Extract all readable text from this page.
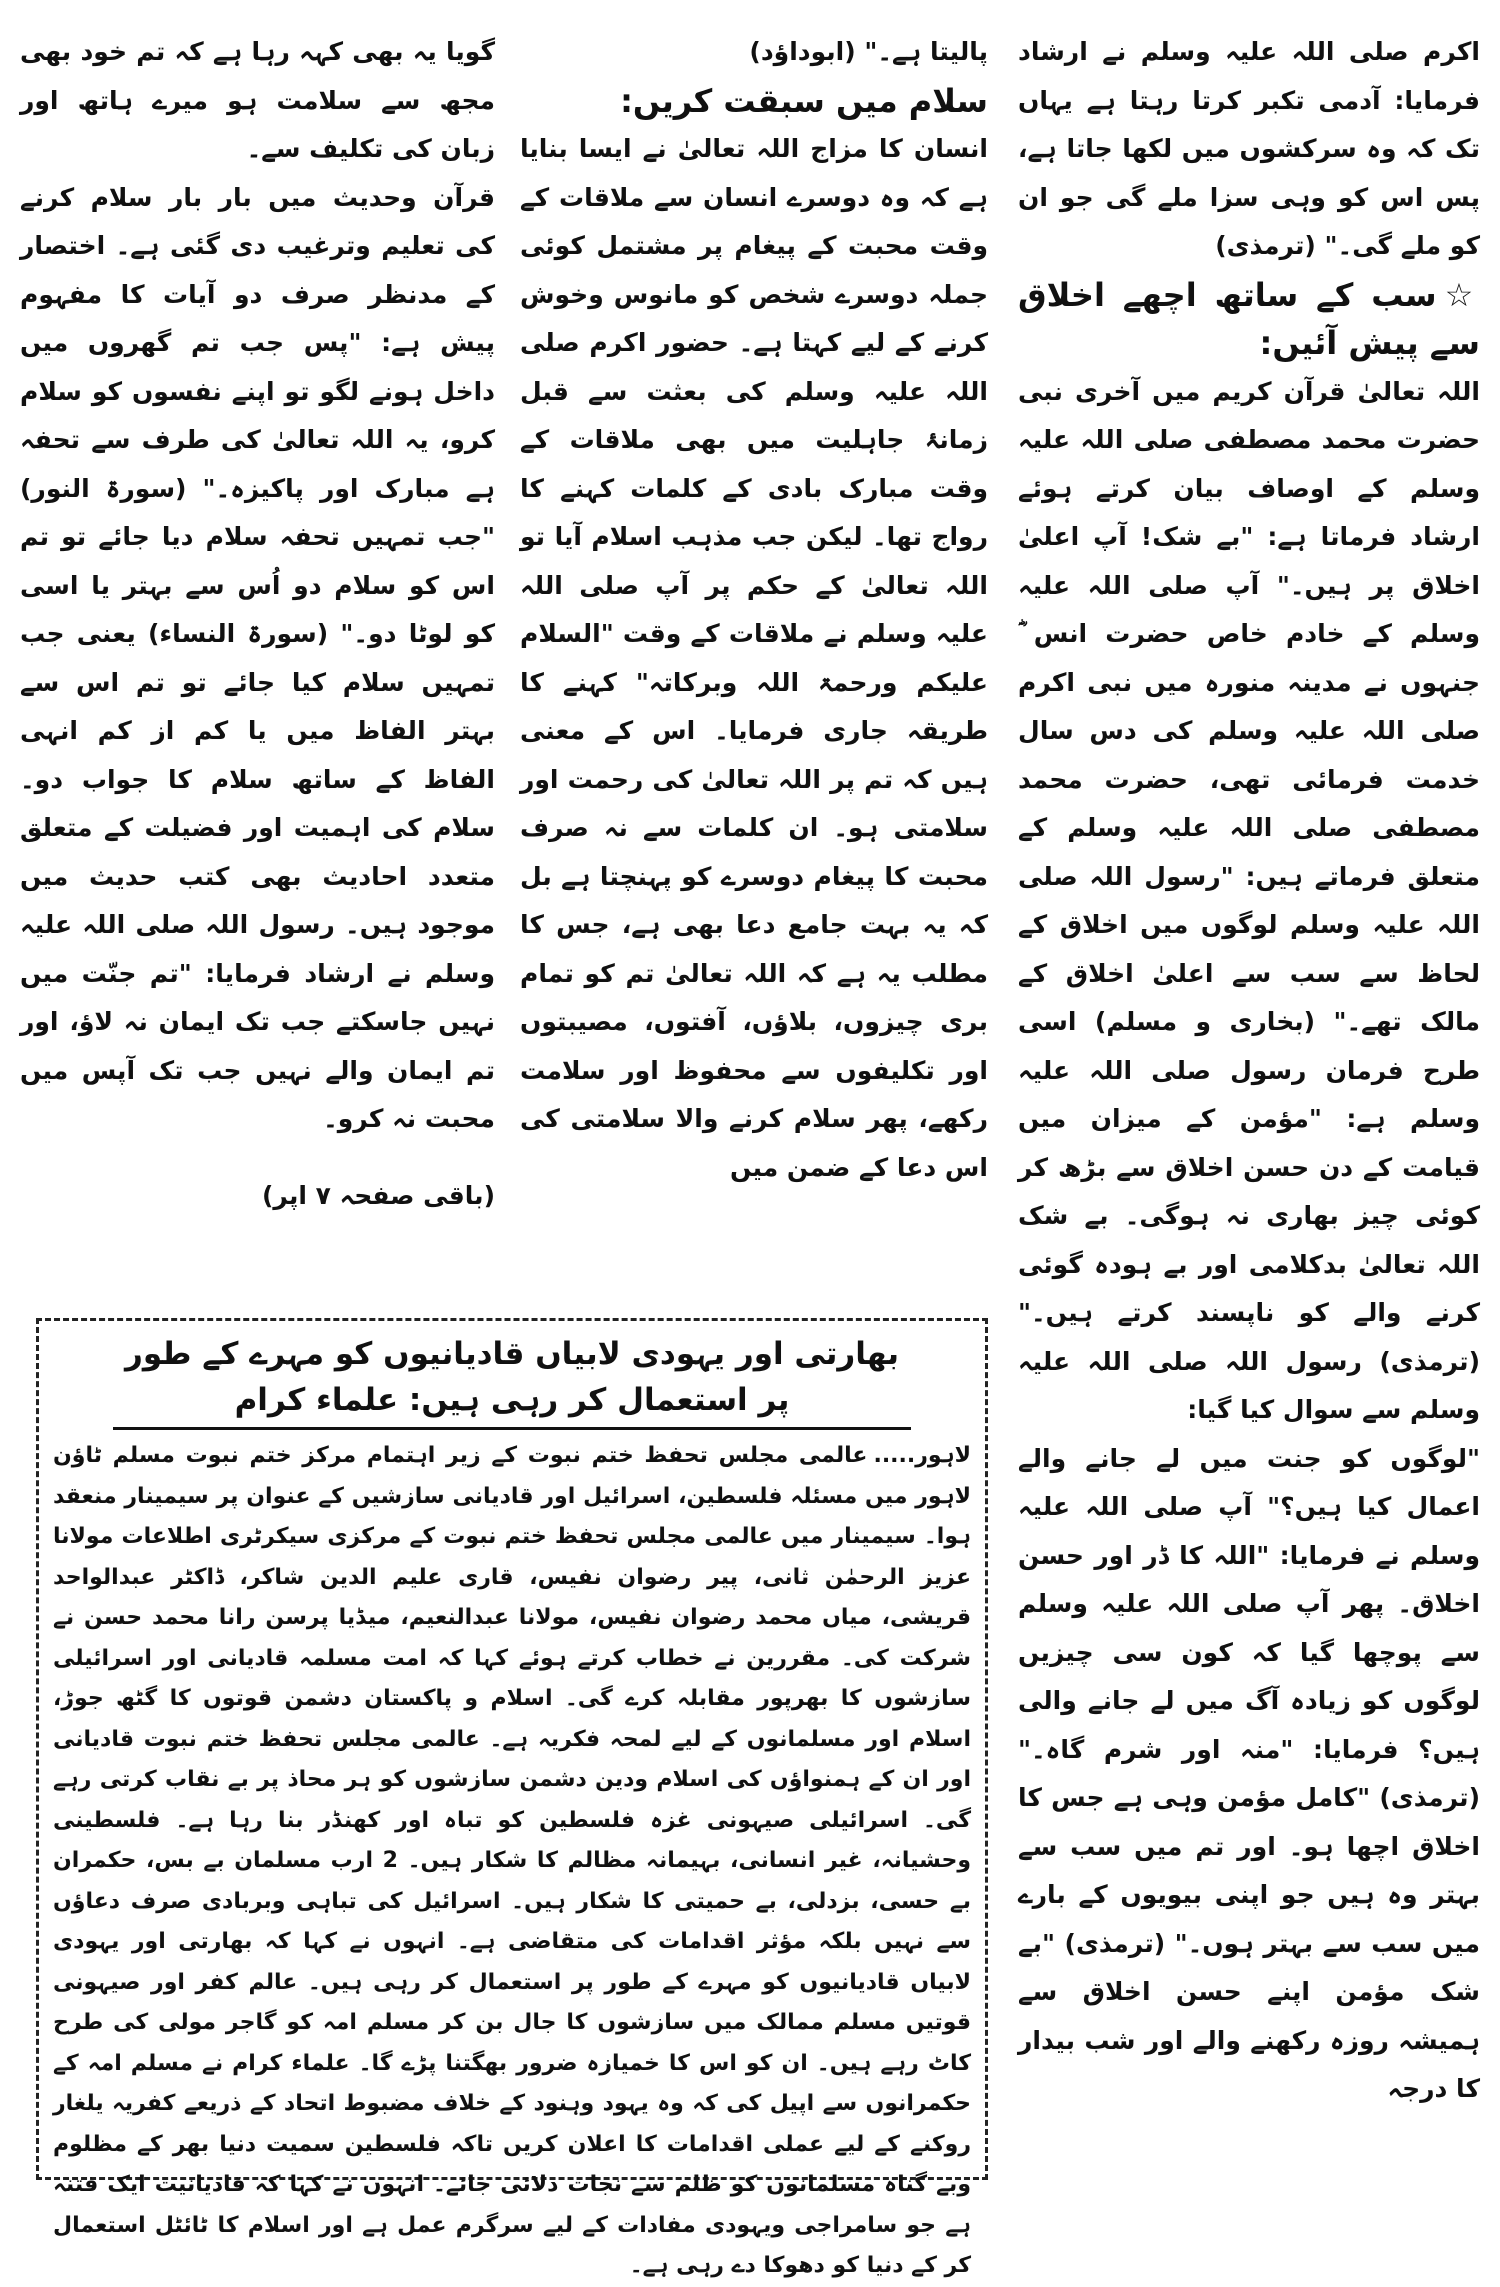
اکرم صلی اللہ علیہ وسلم نے ارشاد فرمایا: آدمی تکبر کرتا رہتا ہے یہاں تک کہ وہ سرکشوں میں لکھا جاتا ہے، پس اس کو وہی سزا ملے گی جو ان کو ملے گی۔" (ترمذی)

☆سب کے ساتھ اچھے اخلاق سے پیش آئیں:

اللہ تعالیٰ قرآن کریم میں آخری نبی حضرت محمد مصطفی صلی اللہ علیہ وسلم کے اوصاف بیان کرتے ہوئے ارشاد فرماتا ہے: "بے شک! آپ اعلیٰ اخلاق پر ہیں۔" آپ صلی اللہ علیہ وسلم کے خادم خاص حضرت انس ؓ جنہوں نے مدینہ منورہ میں نبی اکرم صلی اللہ علیہ وسلم کی دس سال خدمت فرمائی تھی، حضرت محمد مصطفی صلی اللہ علیہ وسلم کے متعلق فرماتے ہیں: "رسول اللہ صلی اللہ علیہ وسلم لوگوں میں اخلاق کے لحاظ سے سب سے اعلیٰ اخلاق کے مالک تھے۔" (بخاری و مسلم) اسی طرح فرمان رسول صلی اللہ علیہ وسلم ہے: "مؤمن کے میزان میں قیامت کے دن حسن اخلاق سے بڑھ کر کوئی چیز بھاری نہ ہوگی۔ بے شک اللہ تعالیٰ بدکلامی اور بے ہودہ گوئی کرنے والے کو ناپسند کرتے ہیں۔" (ترمذی) رسول اللہ صلی اللہ علیہ وسلم سے سوال کیا گیا:

"لوگوں کو جنت میں لے جانے والے اعمال کیا ہیں؟" آپ صلی اللہ علیہ وسلم نے فرمایا: "اللہ کا ڈر اور حسن اخلاق۔ پھر آپ صلی اللہ علیہ وسلم سے پوچھا گیا کہ کون سی چیزیں لوگوں کو زیادہ آگ میں لے جانے والی ہیں؟ فرمایا: "منہ اور شرم گاہ۔" (ترمذی) "کامل مؤمن وہی ہے جس کا اخلاق اچھا ہو۔ اور تم میں سب سے بہتر وہ ہیں جو اپنی بیویوں کے بارے میں سب سے بہتر ہوں۔" (ترمذی) "بے شک مؤمن اپنے حسن اخلاق سے ہمیشہ روزہ رکھنے والے اور شب بیدار کا درجہ

پالیتا ہے۔" (ابوداؤد)

سلام میں سبقت کریں:

انسان کا مزاج اللہ تعالیٰ نے ایسا بنایا ہے کہ وہ دوسرے انسان سے ملاقات کے وقت محبت کے پیغام پر مشتمل کوئی جملہ دوسرے شخص کو مانوس وخوش کرنے کے لیے کہتا ہے۔ حضور اکرم صلی اللہ علیہ وسلم کی بعثت سے قبل زمانۂ جاہلیت میں بھی ملاقات کے وقت مبارک بادی کے کلمات کہنے کا رواج تھا۔ لیکن جب مذہب اسلام آیا تو اللہ تعالیٰ کے حکم پر آپ صلی اللہ علیہ وسلم نے ملاقات کے وقت "السلام علیکم ورحمۃ اللہ وبرکاتہ" کہنے کا طریقہ جاری فرمایا۔ اس کے معنی ہیں کہ تم پر اللہ تعالیٰ کی رحمت اور سلامتی ہو۔ ان کلمات سے نہ صرف محبت کا پیغام دوسرے کو پہنچتا ہے بل کہ یہ بہت جامع دعا بھی ہے، جس کا مطلب یہ ہے کہ اللہ تعالیٰ تم کو تمام بری چیزوں، بلاؤں، آفتوں، مصیبتوں اور تکلیفوں سے محفوظ اور سلامت رکھے، پھر سلام کرنے والا سلامتی کی اس دعا کے ضمن میں

گویا یہ بھی کہہ رہا ہے کہ تم خود بھی مجھ سے سلامت ہو میرے ہاتھ اور زبان کی تکلیف سے۔

قرآن وحدیث میں بار بار سلام کرنے کی تعلیم وترغیب دی گئی ہے۔ اختصار کے مدنظر صرف دو آیات کا مفہوم پیش ہے: "پس جب تم گھروں میں داخل ہونے لگو تو اپنے نفسوں کو سلام کرو، یہ اللہ تعالیٰ کی طرف سے تحفہ ہے مبارک اور پاکیزہ۔" (سورۃ النور) "جب تمہیں تحفہ سلام دیا جائے تو تم اس کو سلام دو اُس سے بہتر یا اسی کو لوٹا دو۔" (سورۃ النساء) یعنی جب تمہیں سلام کیا جائے تو تم اس سے بہتر الفاظ میں یا کم از کم انہی الفاظ کے ساتھ سلام کا جواب دو۔ سلام کی اہمیت اور فضیلت کے متعلق متعدد احادیث بھی کتب حدیث میں موجود ہیں۔ رسول اللہ صلی اللہ علیہ وسلم نے ارشاد فرمایا: "تم جنّت میں نہیں جاسکتے جب تک ایمان نہ لاؤ، اور تم ایمان والے نہیں جب تک آپس میں محبت نہ کرو۔

(باقی صفحہ ۷ اپر)
بھارتی اور یہودی لابیاں قادیانیوں کو مہرے کے طور پر استعمال کر رہی ہیں: علماء کرام

لاہور.....عالمی مجلس تحفظ ختم نبوت کے زیر اہتمام مرکز ختم نبوت مسلم ٹاؤن لاہور میں مسئلہ فلسطین، اسرائیل اور قادیانی سازشیں کے عنوان پر سیمینار منعقد ہوا۔ سیمینار میں عالمی مجلس تحفظ ختم نبوت کے مرکزی سیکرٹری اطلاعات مولانا عزیز الرحمٰن ثانی، پیر رضوان نفیس، قاری علیم الدین شاکر، ڈاکٹر عبدالواحد قریشی، میاں محمد رضوان نفیس، مولانا عبدالنعیم، میڈیا پرسن رانا محمد حسن نے شرکت کی۔ مقررین نے خطاب کرتے ہوئے کہا کہ امت مسلمہ قادیانی اور اسرائیلی سازشوں کا بھرپور مقابلہ کرے گی۔ اسلام و پاکستان دشمن قوتوں کا گٹھ جوڑ، اسلام اور مسلمانوں کے لیے لمحہ فکریہ ہے۔ عالمی مجلس تحفظ ختم نبوت قادیانی اور ان کے ہمنواؤں کی اسلام ودین دشمن سازشوں کو ہر محاذ پر بے نقاب کرتی رہے گی۔ اسرائیلی صیہونی غزہ فلسطین کو تباہ اور کھنڈر بنا رہا ہے۔ فلسطینی وحشیانہ، غیر انسانی، بہیمانہ مظالم کا شکار ہیں۔ 2 ارب مسلمان بے بس، حکمران بے حسی، بزدلی، بے حمیتی کا شکار ہیں۔ اسرائیل کی تباہی وبربادی صرف دعاؤں سے نہیں بلکہ مؤثر اقدامات کی متقاضی ہے۔ انہوں نے کہا کہ بھارتی اور یہودی لابیاں قادیانیوں کو مہرے کے طور پر استعمال کر رہی ہیں۔ عالم کفر اور صیہونی قوتیں مسلم ممالک میں سازشوں کا جال بن کر مسلم امہ کو گاجر مولی کی طرح کاٹ رہے ہیں۔ ان کو اس کا خمیازہ ضرور بھگتنا پڑے گا۔ علماء کرام نے مسلم امہ کے حکمرانوں سے اپیل کی کہ وہ یہود وہنود کے خلاف مضبوط اتحاد کے ذریعے کفریہ یلغار روکنے کے لیے عملی اقدامات کا اعلان کریں تاکہ فلسطین سمیت دنیا بھر کے مظلوم وبے گناہ مسلمانوں کو ظلم سے نجات دلائی جائے۔ انہوں نے کہا کہ قادیانیت ایک فتنہ ہے جو سامراجی ویہودی مفادات کے لیے سرگرم عمل ہے اور اسلام کا ٹائٹل استعمال کر کے دنیا کو دھوکا دے رہی ہے۔
